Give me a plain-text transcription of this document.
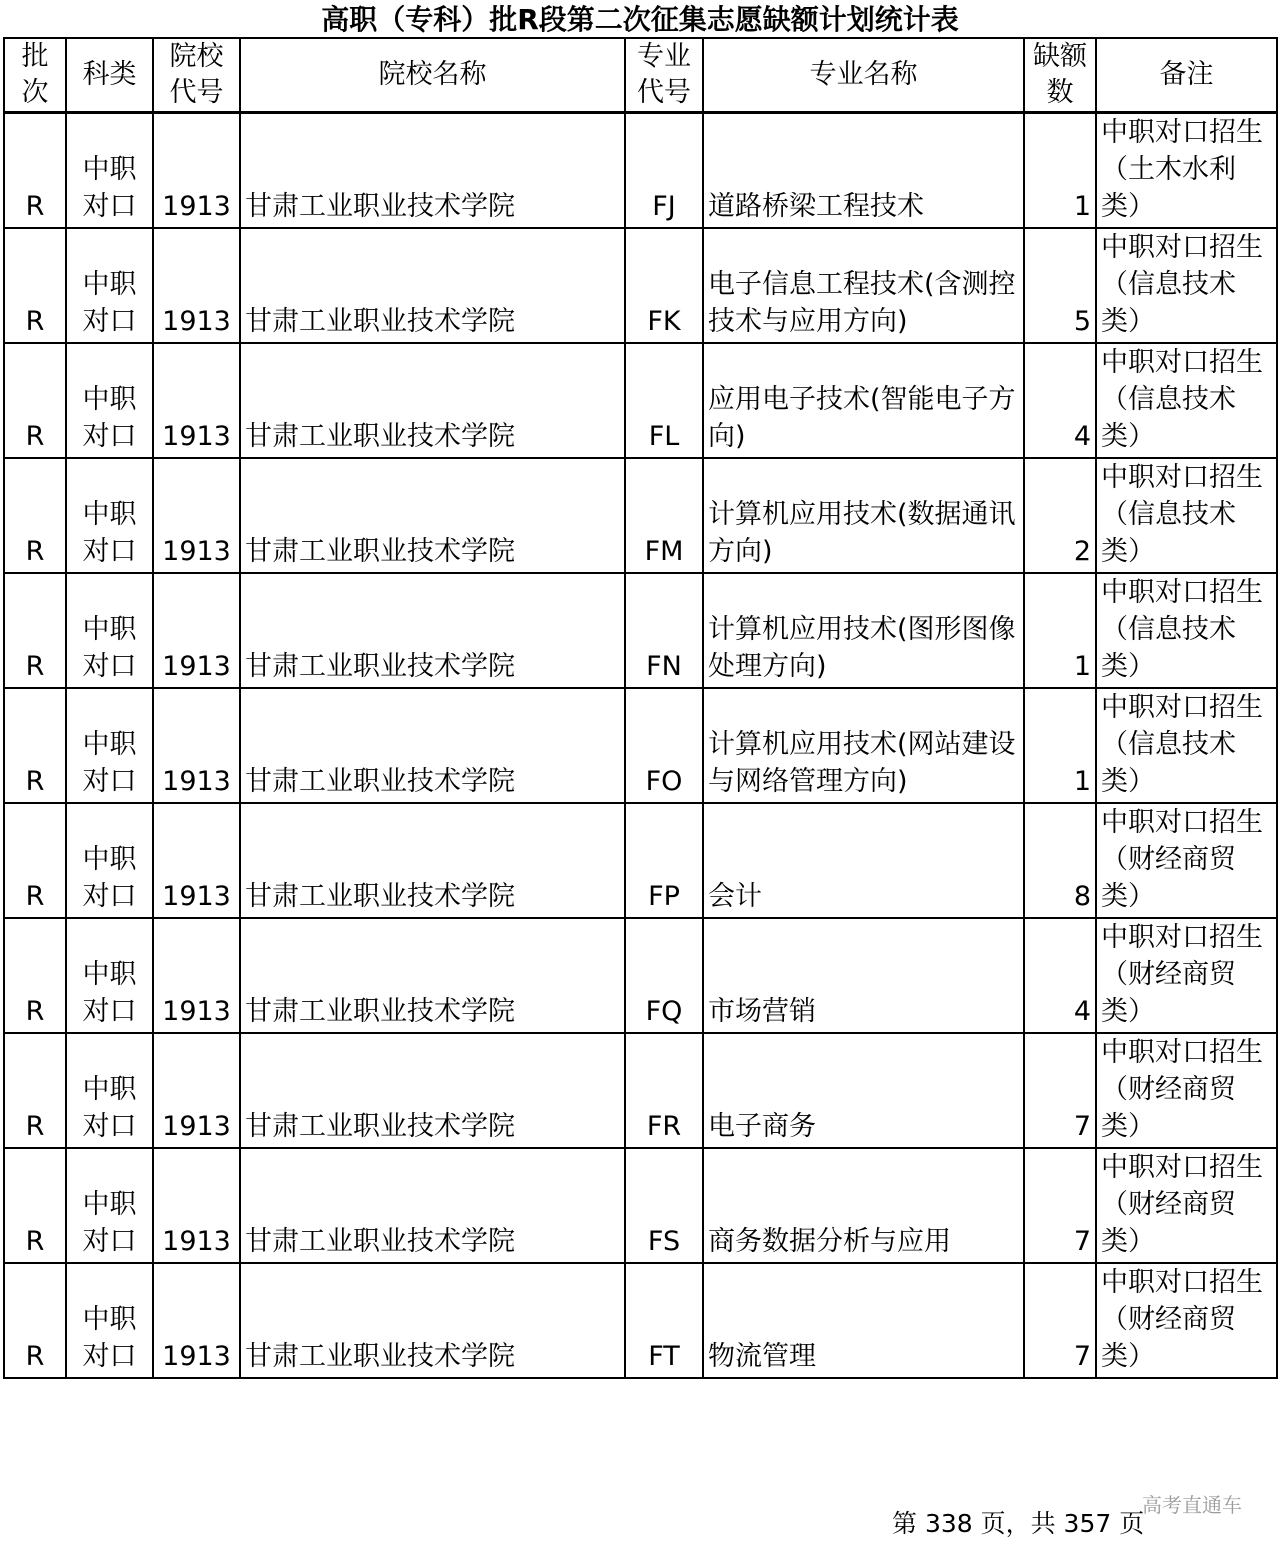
高职（专科）批R段第二次征集志愿缺额计划统计表
批次	科类	院校代号	院校名称	专业代号	专业名称	缺额数	备注
R	中职对口	1913	甘肃工业职业技术学院	FJ	道路桥梁工程技术	1	中职对口招生（土木水利类）
R	中职对口	1913	甘肃工业职业技术学院	FK	电子信息工程技术(含测控技术与应用方向)	5	中职对口招生（信息技术类）
R	中职对口	1913	甘肃工业职业技术学院	FL	应用电子技术(智能电子方向)	4	中职对口招生（信息技术类）
R	中职对口	1913	甘肃工业职业技术学院	FM	计算机应用技术(数据通讯方向)	2	中职对口招生（信息技术类）
R	中职对口	1913	甘肃工业职业技术学院	FN	计算机应用技术(图形图像处理方向)	1	中职对口招生（信息技术类）
R	中职对口	1913	甘肃工业职业技术学院	FO	计算机应用技术(网站建设与网络管理方向)	1	中职对口招生（信息技术类）
R	中职对口	1913	甘肃工业职业技术学院	FP	会计	8	中职对口招生（财经商贸类）
R	中职对口	1913	甘肃工业职业技术学院	FQ	市场营销	4	中职对口招生（财经商贸类）
R	中职对口	1913	甘肃工业职业技术学院	FR	电子商务	7	中职对口招生（财经商贸类）
R	中职对口	1913	甘肃工业职业技术学院	FS	商务数据分析与应用	7	中职对口招生（财经商贸类）
R	中职对口	1913	甘肃工业职业技术学院	FT	物流管理	7	中职对口招生（财经商贸类）
高考直通车
第 338 页，共 357 页
